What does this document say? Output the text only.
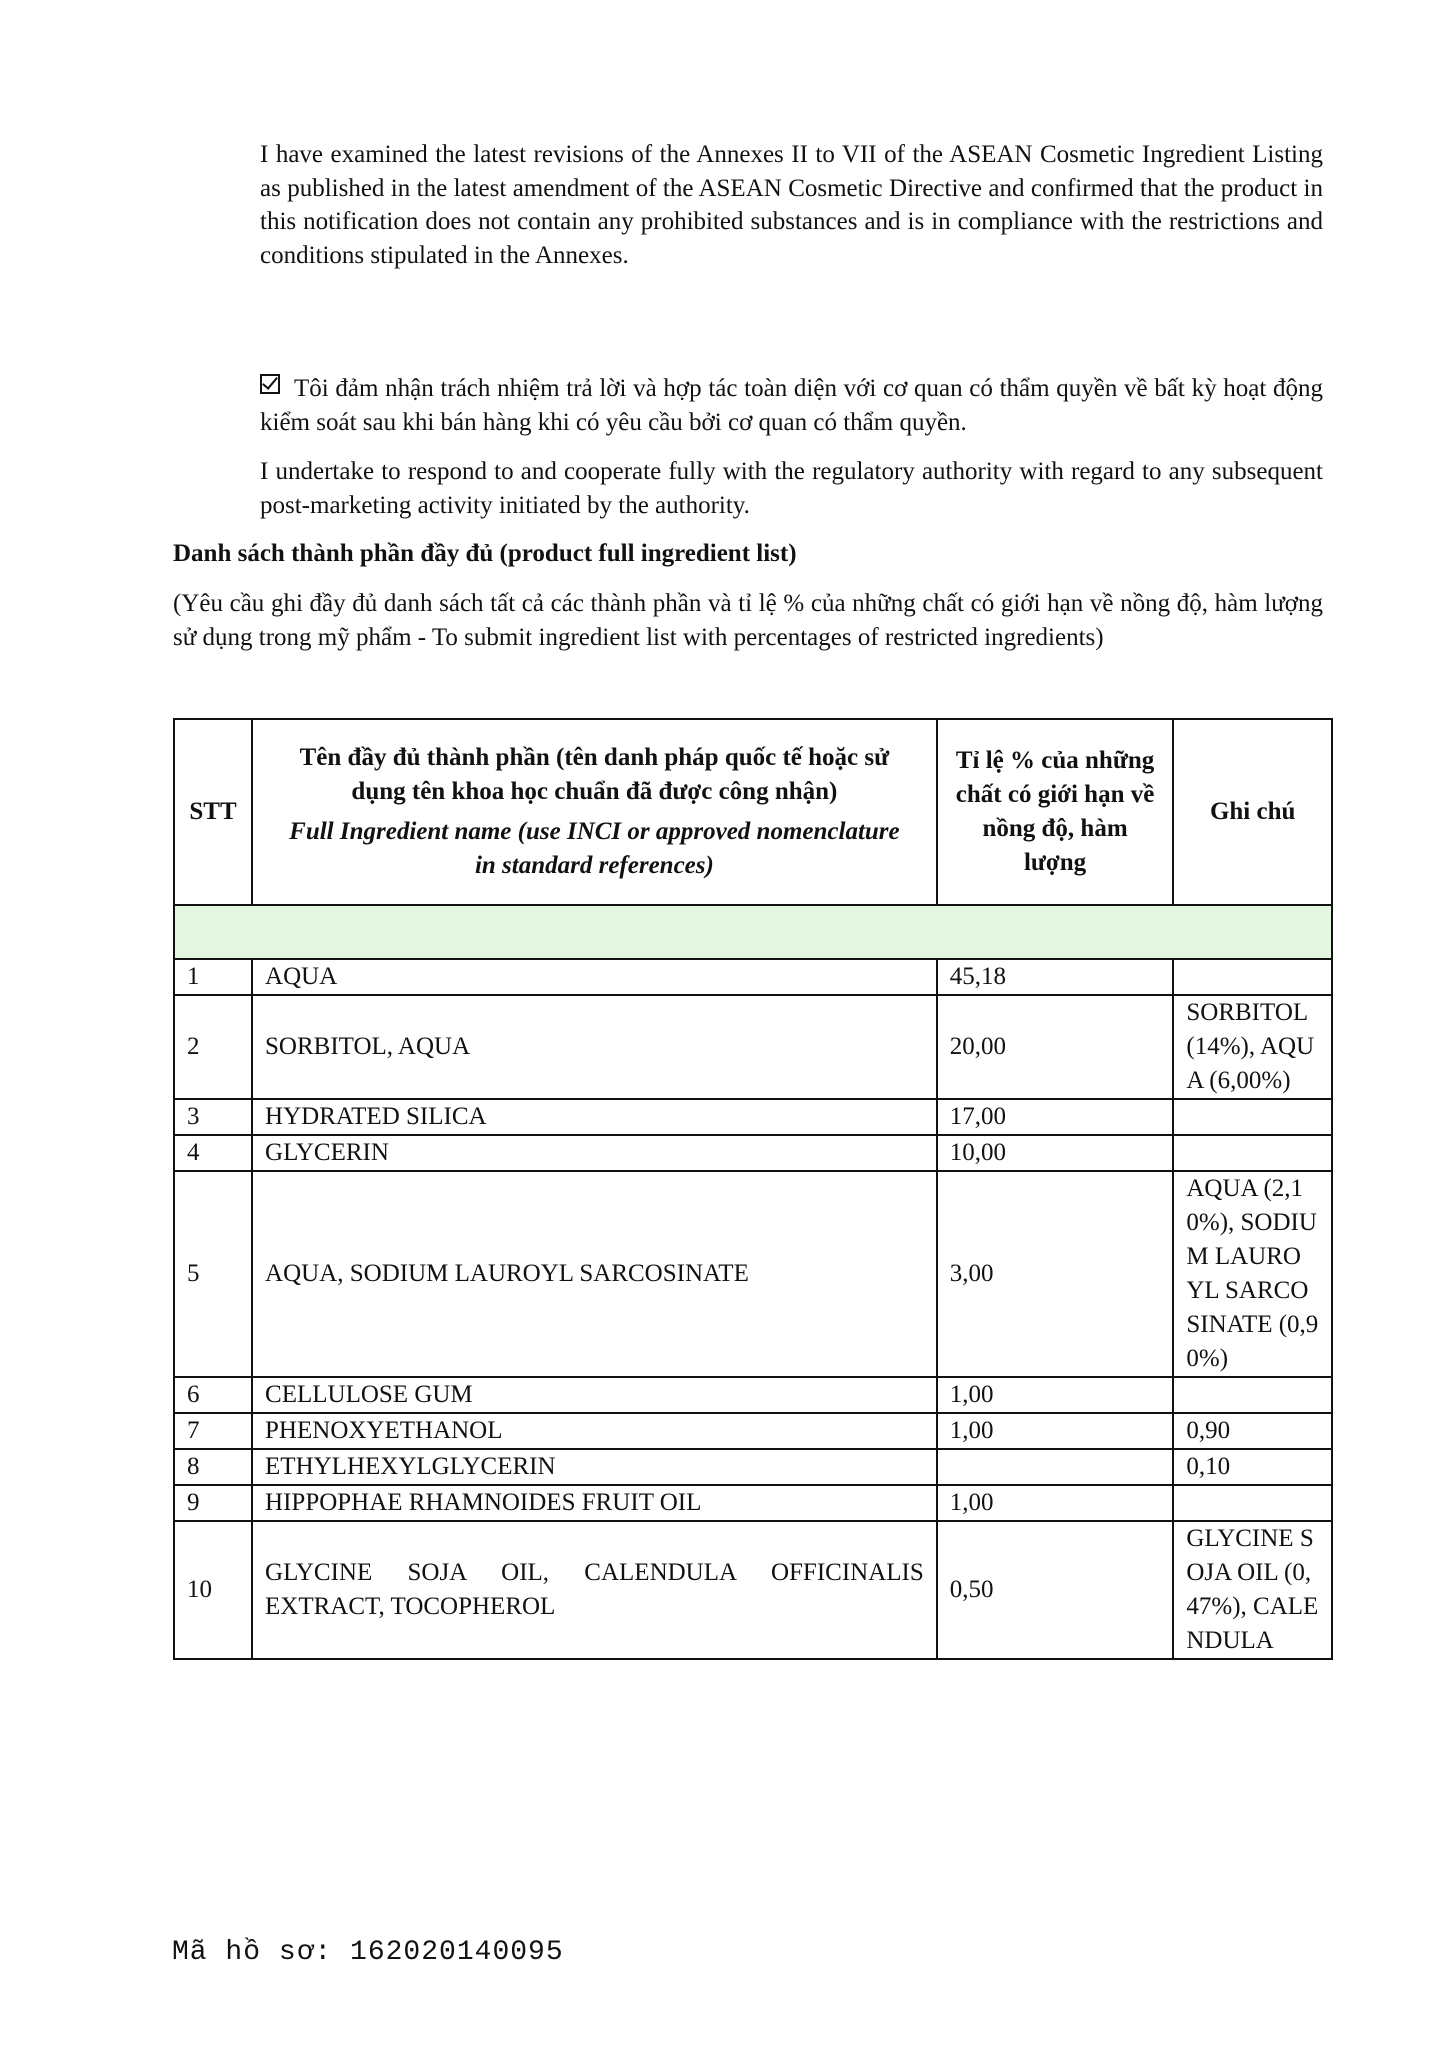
I have examined the latest revisions of the Annexes II to VII of the ASEAN Cosmetic Ingredient Listing as published in the latest amendment of the ASEAN Cosmetic Directive and confirmed that the product in this notification does not contain any prohibited substances and is in compliance with the restrictions and conditions stipulated in the Annexes.
Tôi đảm nhận trách nhiệm trả lời và hợp tác toàn diện với cơ quan có thẩm quyền về bất kỳ hoạt động kiểm soát sau khi bán hàng khi có yêu cầu bởi cơ quan có thẩm quyền.
I undertake to respond to and cooperate fully with the regulatory authority with regard to any subsequent post-marketing activity initiated by the authority.
Danh sách thành phần đầy đủ (product full ingredient list)
(Yêu cầu ghi đầy đủ danh sách tất cả các thành phần và tỉ lệ % của những chất có giới hạn về nồng độ, hàm lượng sử dụng trong mỹ phẩm - To submit ingredient list with percentages of restricted ingredients)
STT	Tên đầy đủ thành phần (tên danh pháp quốc tế hoặc sử dụng tên khoa học chuẩn đã được công nhận)
Full Ingredient name (use INCI or approved nomenclature in standard references)	Tỉ lệ % của những chất có giới hạn về nồng độ, hàm lượng	Ghi chú

1	AQUA	45,18	
2	SORBITOL, AQUA	20,00	SORBITOL (14%), AQUA (6,00%)
3	HYDRATED SILICA	17,00	
4	GLYCERIN	10,00	
5	AQUA, SODIUM LAUROYL SARCOSINATE	3,00	AQUA (2,10%), SODIUM LAUROYL SARCOSINATE (0,90%)
6	CELLULOSE GUM	1,00	
7	PHENOXYETHANOL	1,00	0,90
8	ETHYLHEXYLGLYCERIN		0,10
9	HIPPOPHAE RHAMNOIDES FRUIT OIL	1,00	
10	GLYCINE SOJA OIL, CALENDULA OFFICINALIS EXTRACT, TOCOPHEROL	0,50	GLYCINE SOJA OIL (0,47%), CALENDULA
Mã hồ sơ: 162020140095
